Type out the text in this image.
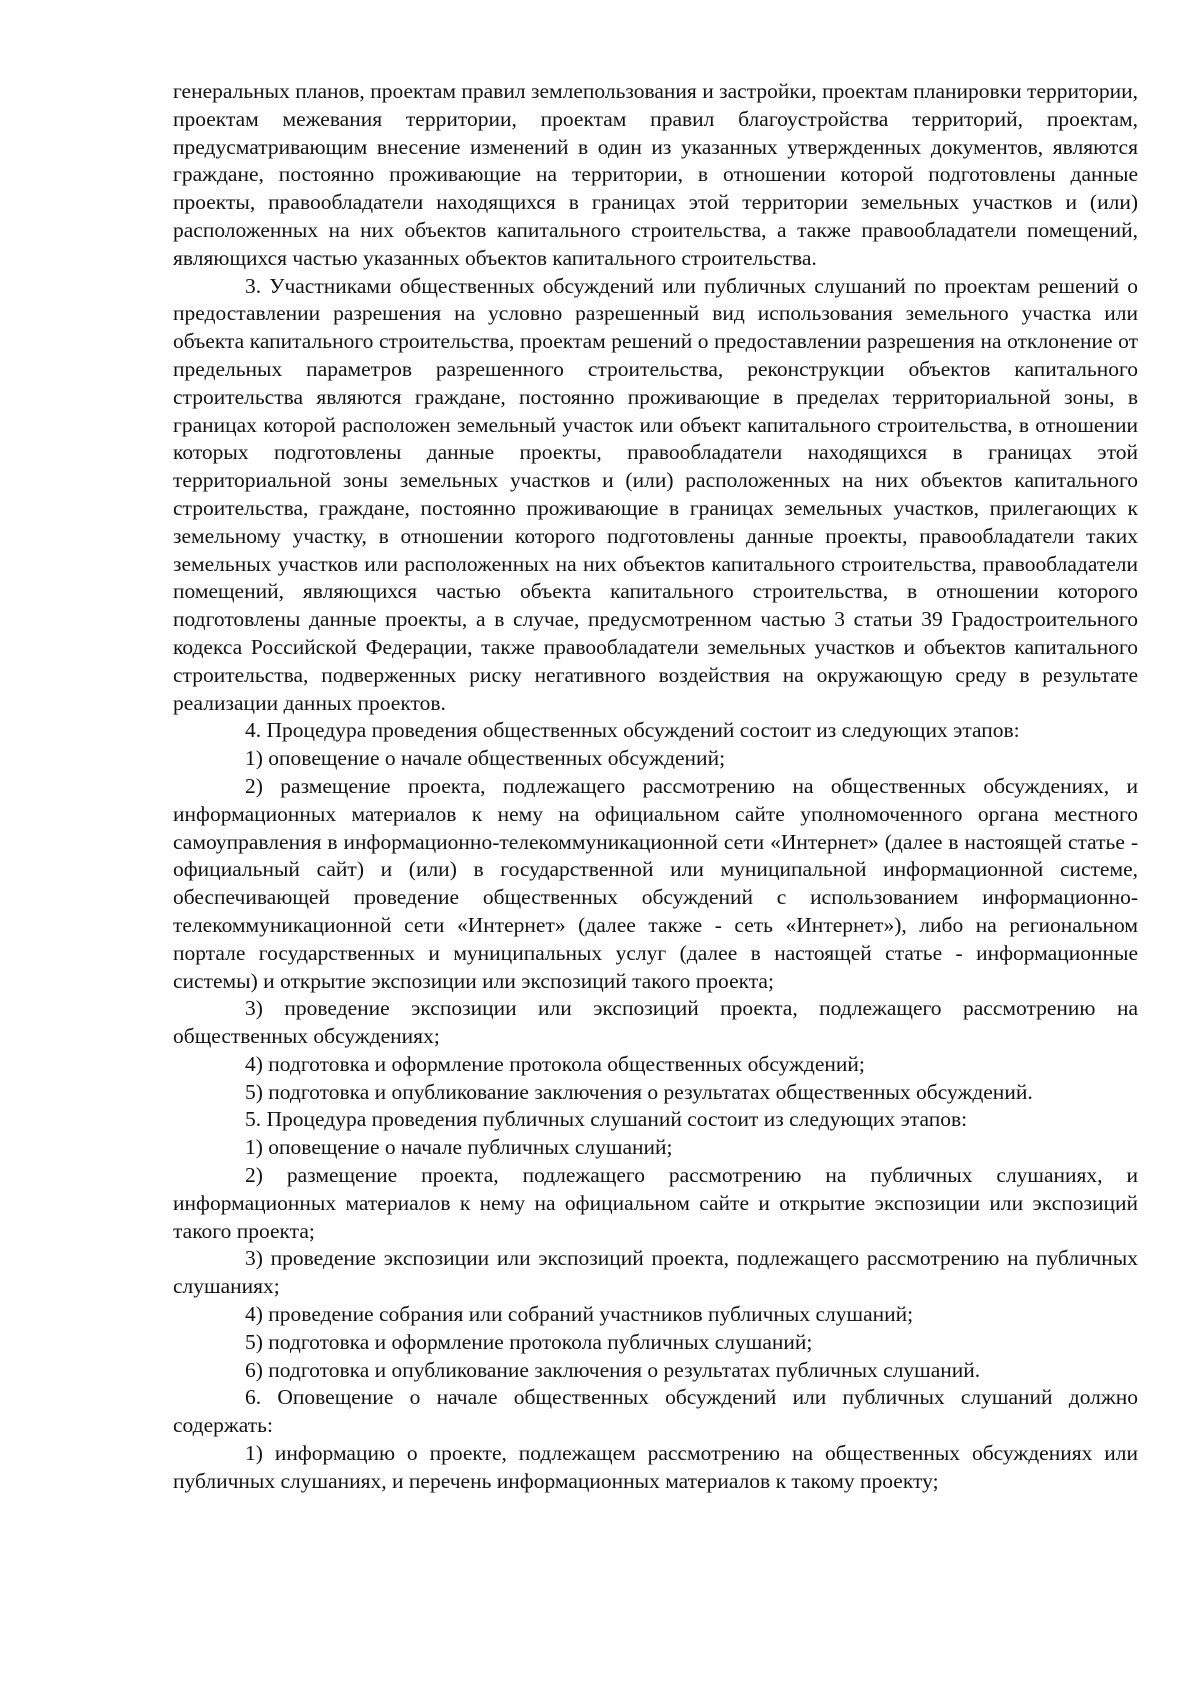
генеральных планов, проектам правил землепользования и застройки, проектам планировки территории, проектам межевания территории, проектам правил благоустройства территорий, проектам, предусматривающим внесение изменений в один из указанных утвержденных документов, являются граждане, постоянно проживающие на территории, в отношении которой подготовлены данные проекты, правообладатели находящихся в границах этой территории земельных участков и (или) расположенных на них объектов капитального строительства, а также правообладатели помещений, являющихся частью указанных объектов капитального строительства.

3. Участниками общественных обсуждений или публичных слушаний по проектам решений о предоставлении разрешения на условно разрешенный вид использования земельного участка или объекта капитального строительства, проектам решений о предоставлении разрешения на отклонение от предельных параметров разрешенного строительства, реконструкции объектов капитального строительства являются граждане, постоянно проживающие в пределах территориальной зоны, в границах которой расположен земельный участок или объект капитального строительства, в отношении которых подготовлены данные проекты, правообладатели находящихся в границах этой территориальной зоны земельных участков и (или) расположенных на них объектов капитального строительства, граждане, постоянно проживающие в границах земельных участков, прилегающих к земельному участку, в отношении которого подготовлены данные проекты, правообладатели таких земельных участков или расположенных на них объектов капитального строительства, правообладатели помещений, являющихся частью объекта капитального строительства, в отношении которого подготовлены данные проекты, а в случае, предусмотренном частью 3 статьи 39 Градостроительного кодекса Российской Федерации, также правообладатели земельных участков и объектов капитального строительства, подверженных риску негативного воздействия на окружающую среду в результате реализации данных проектов.

4. Процедура проведения общественных обсуждений состоит из следующих этапов:

1) оповещение о начале общественных обсуждений;

2) размещение проекта, подлежащего рассмотрению на общественных обсуждениях, и информационных материалов к нему на официальном сайте уполномоченного органа местного самоуправления в информационно-телекоммуникационной сети «Интернет» (далее в настоящей статье - официальный сайт) и (или) в государственной или муниципальной информационной системе, обеспечивающей проведение общественных обсуждений с использованием информационно-телекоммуникационной сети «Интернет» (далее также - сеть «Интернет»), либо на региональном портале государственных и муниципальных услуг (далее в настоящей статье - информационные системы) и открытие экспозиции или экспозиций такого проекта;

3) проведение экспозиции или экспозиций проекта, подлежащего рассмотрению на общественных обсуждениях;

4) подготовка и оформление протокола общественных обсуждений;

5) подготовка и опубликование заключения о результатах общественных обсуждений.

5. Процедура проведения публичных слушаний состоит из следующих этапов:

1) оповещение о начале публичных слушаний;

2) размещение проекта, подлежащего рассмотрению на публичных слушаниях, и информационных материалов к нему на официальном сайте и открытие экспозиции или экспозиций такого проекта;

3) проведение экспозиции или экспозиций проекта, подлежащего рассмотрению на публичных слушаниях;

4) проведение собрания или собраний участников публичных слушаний;

5) подготовка и оформление протокола публичных слушаний;

6) подготовка и опубликование заключения о результатах публичных слушаний.

6. Оповещение о начале общественных обсуждений или публичных слушаний должно содержать:

1) информацию о проекте, подлежащем рассмотрению на общественных обсуждениях или публичных слушаниях, и перечень информационных материалов к такому проекту;
